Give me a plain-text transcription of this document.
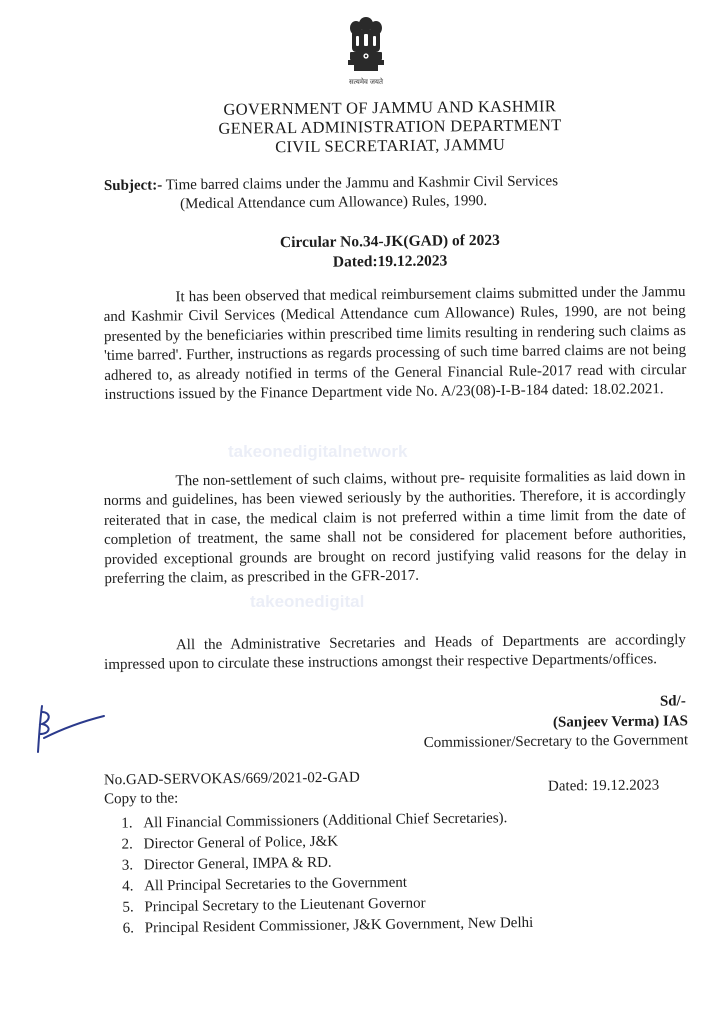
takeonedigitalnetwork
takeonedigital
सत्यमेव जयते
GOVERNMENT OF JAMMU AND KASHMIR
GENERAL ADMINISTRATION DEPARTMENT
CIVIL SECRETARIAT, JAMMU
Subject:- Time barred claims under the Jammu and Kashmir Civil Services
(Medical Attendance cum Allowance) Rules, 1990.
Circular No.34-JK(GAD) of 2023
Dated:19.12.2023
It has been observed that medical reimbursement claims submitted under the Jammu and Kashmir Civil Services (Medical Attendance cum Allowance) Rules, 1990, are not being presented by the beneficiaries within prescribed time limits resulting in rendering such claims as 'time barred'. Further, instructions as regards processing of such time barred claims are not being adhered to, as already notified in terms of the General Financial Rule-2017 read with circular instructions issued by the Finance Department vide No. A/23(08)-I-B-184 dated: 18.02.2021.
The non-settlement of such claims, without pre- requisite formalities as laid down in norms and guidelines, has been viewed seriously by the authorities. Therefore, it is accordingly reiterated that in case, the medical claim is not preferred within a time limit from the date of completion of treatment, the same shall not be considered for placement before authorities, provided exceptional grounds are brought on record justifying valid reasons for the delay in preferring the claim, as prescribed in the GFR-2017.
All the Administrative Secretaries and Heads of Departments are accordingly impressed upon to circulate these instructions amongst their respective Departments/offices.
Sd/-
(Sanjeev Verma) IAS
Commissioner/Secretary to the Government
No.GAD-SERVOKAS/669/2021-02-GAD
Copy to the:
Dated: 19.12.2023
1. All Financial Commissioners (Additional Chief Secretaries).
2. Director General of Police, J&K
3. Director General, IMPA & RD.
4. All Principal Secretaries to the Government
5. Principal Secretary to the Lieutenant Governor
6. Principal Resident Commissioner, J&K Government, New Delhi
